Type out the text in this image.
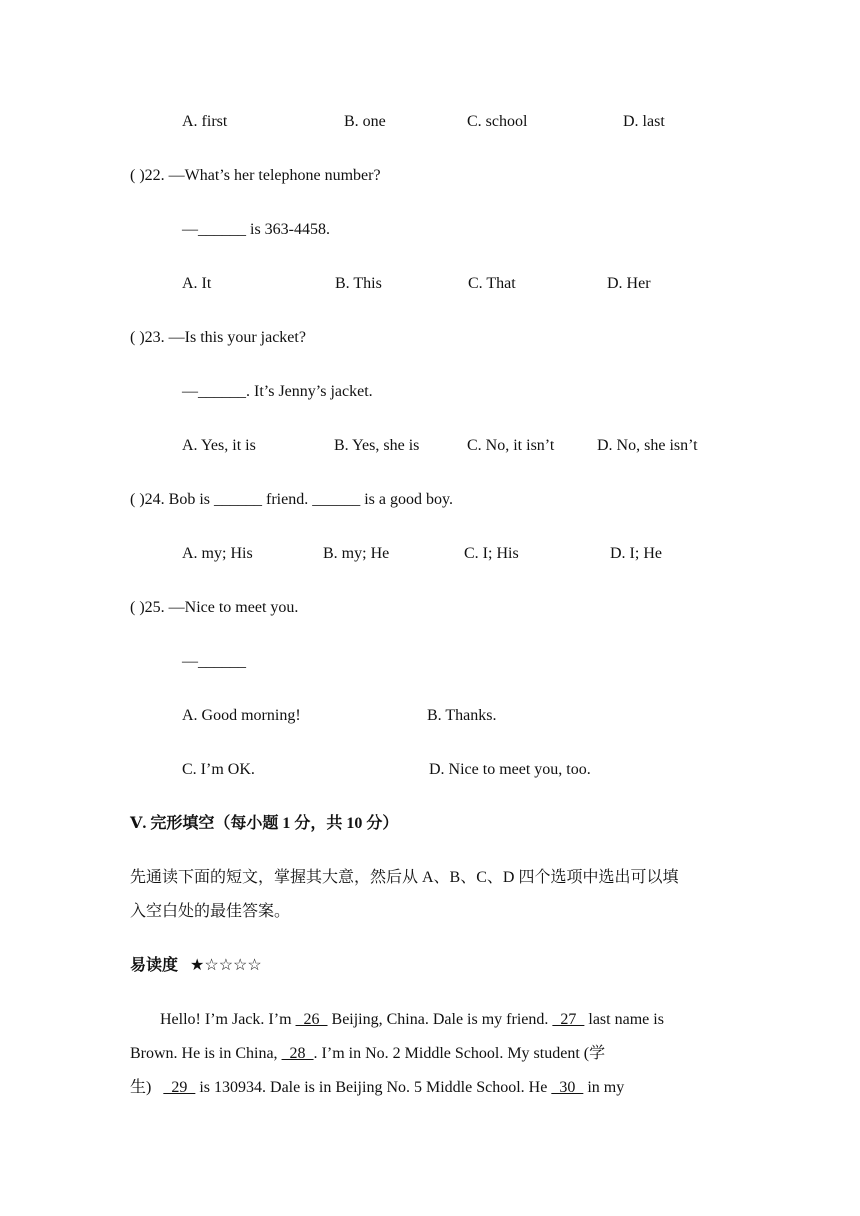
A. first	B. one	C. school	D. last
( )22. —What’s her telephone number?
—______ is 363-4458.
A. It	B. This	C. That	D. Her
( )23. —Is this your jacket?
—______. It’s Jenny’s jacket.
A. Yes, it is	B. Yes, she is	C. No, it isn’t	D. No, she isn’t
( )24. Bob is ______ friend. ______ is a good boy.
A. my; His	B. my; He	C. I; His	D. I; He
( )25. —Nice to meet you.
—______
A. Good morning!	B. Thanks.
C. I’m OK.	D. Nice to meet you, too.
Ⅴ. 完形填空（每小题 1 分，共 10 分）
先通读下面的短文，掌握其大意，然后从 A、B、C、D 四个选项中选出可以填
入空白处的最佳答案。
易读度 ★☆☆☆☆
Hello! I’m Jack. I’m   26   Beijing, China. Dale is my friend.   27   last name is
Brown. He is in China,   28  . I’m in No. 2 Middle School. My student (学
生)     29   is 130934. Dale is in Beijing No. 5 Middle School. He   30   in my
